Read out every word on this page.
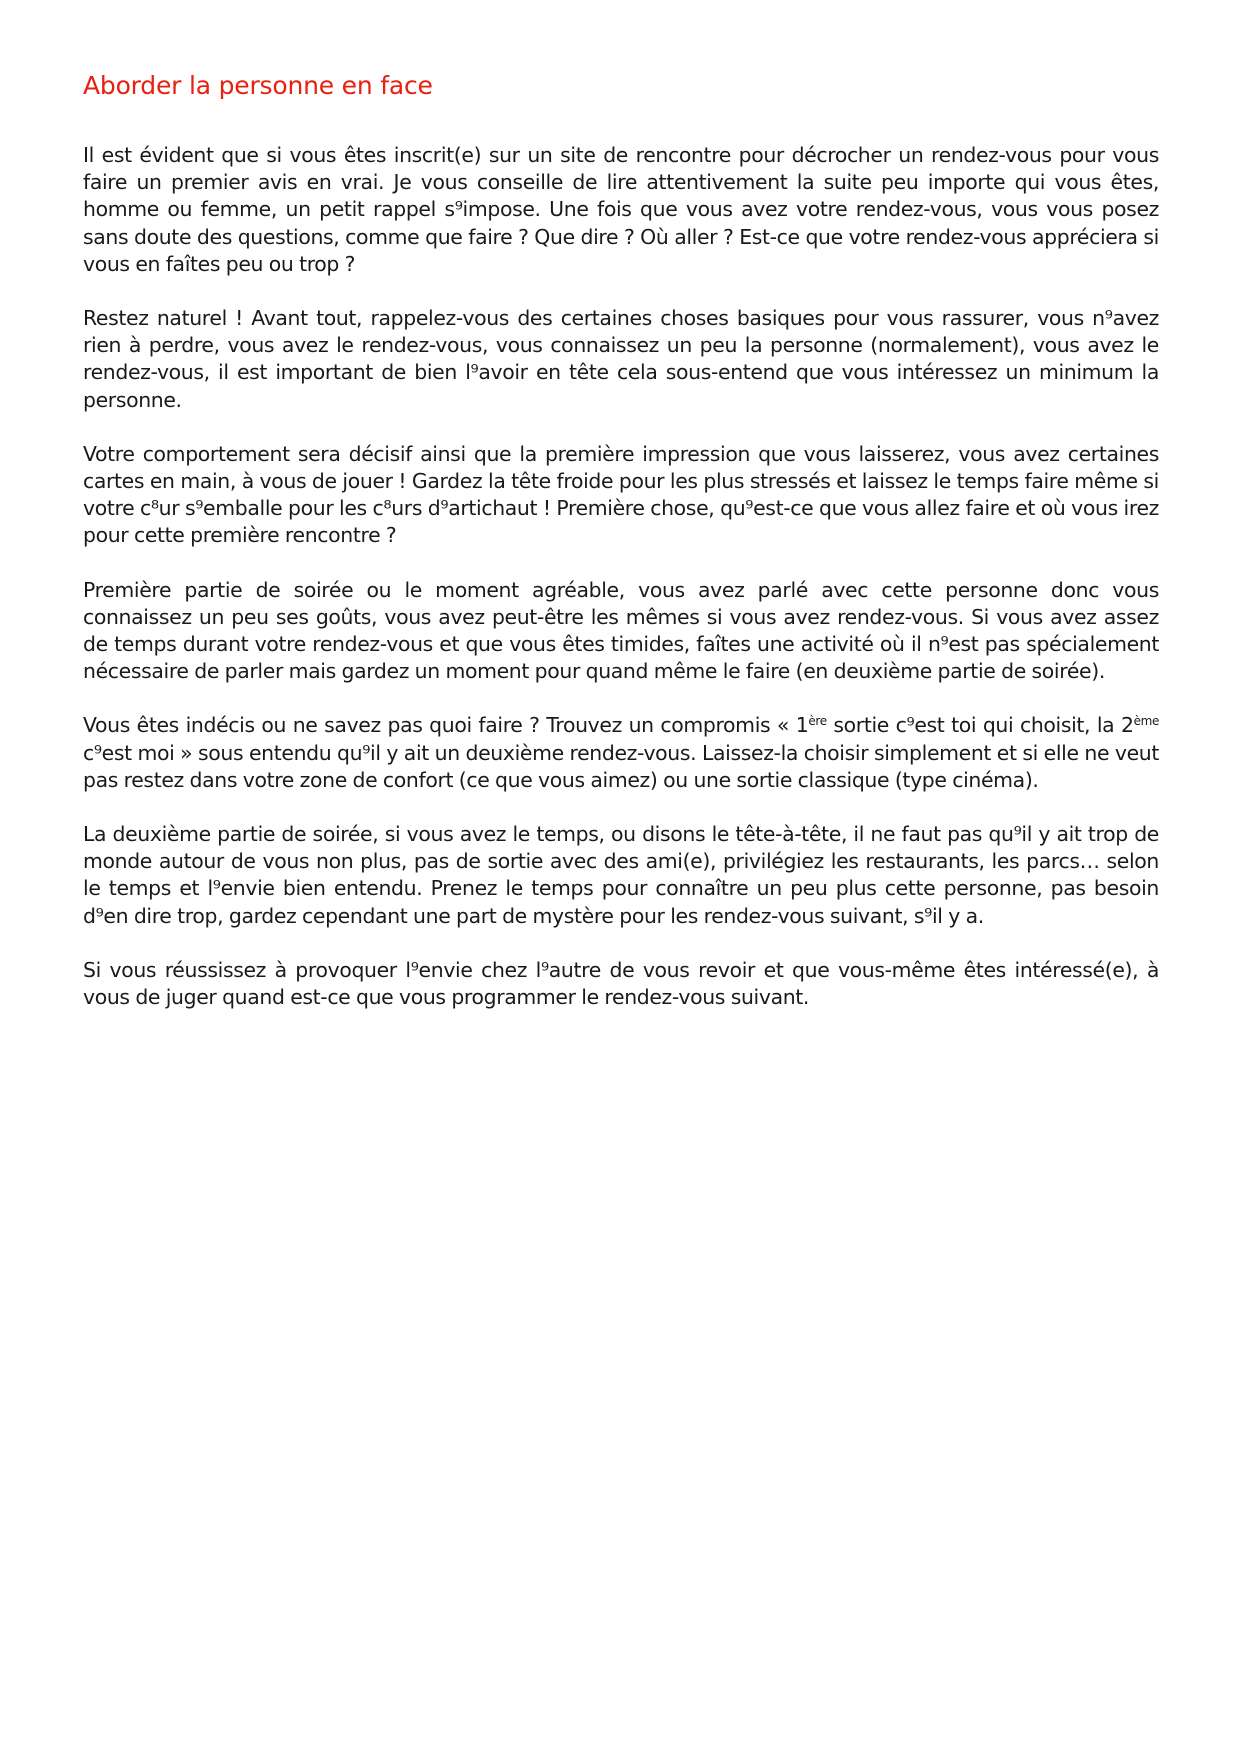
Aborder la personne en face

Il est évident que si vous êtes inscrit(e) sur un site de rencontre pour décrocher un rendez-vous pour vous faire un premier avis en vrai. Je vous conseille de lire attentivement la suite peu importe qui vous êtes, homme ou femme, un petit rappel s⁹impose. Une fois que vous avez votre rendez-vous, vous vous posez sans doute des questions, comme que faire ? Que dire ? Où aller ? Est-ce que votre rendez-vous appréciera si vous en faîtes peu ou trop ?

Restez naturel ! Avant tout, rappelez-vous des certaines choses basiques pour vous rassurer, vous n⁹avez rien à perdre, vous avez le rendez-vous, vous connaissez un peu la personne (normalement), vous avez le rendez-vous, il est important de bien l⁹avoir en tête cela sous-entend que vous intéressez un minimum la personne.

Votre comportement sera décisif ainsi que la première impression que vous laisserez, vous avez certaines cartes en main, à vous de jouer ! Gardez la tête froide pour les plus stressés et laissez le temps faire même si votre c⁸ur s⁹emballe pour les c⁸urs d⁹artichaut ! Première chose, qu⁹est-ce que vous allez faire et où vous irez pour cette première rencontre ?

Première partie de soirée ou le moment agréable, vous avez parlé avec cette personne donc vous connaissez un peu ses goûts, vous avez peut-être les mêmes si vous avez rendez-vous. Si vous avez assez de temps durant votre rendez-vous et que vous êtes timides, faîtes une activité où il n⁹est pas spécialement nécessaire de parler mais gardez un moment pour quand même le faire (en deuxième partie de soirée).

Vous êtes indécis ou ne savez pas quoi faire ? Trouvez un compromis « 1ère sortie c⁹est toi qui choisit, la 2ème c⁹est moi » sous entendu qu⁹il y ait un deuxième rendez-vous. Laissez-la choisir simplement et si elle ne veut pas restez dans votre zone de confort (ce que vous aimez) ou une sortie classique (type cinéma).

La deuxième partie de soirée, si vous avez le temps, ou disons le tête-à-tête, il ne faut pas qu⁹il y ait trop de monde autour de vous non plus, pas de sortie avec des ami(e), privilégiez les restaurants, les parcs… selon le temps et l⁹envie bien entendu. Prenez le temps pour connaître un peu plus cette personne, pas besoin d⁹en dire trop, gardez cependant une part de mystère pour les rendez-vous suivant, s⁹il y a.

Si vous réussissez à provoquer l⁹envie chez l⁹autre de vous revoir et que vous-même êtes intéressé(e), à vous de juger quand est-ce que vous programmer le rendez-vous suivant.
